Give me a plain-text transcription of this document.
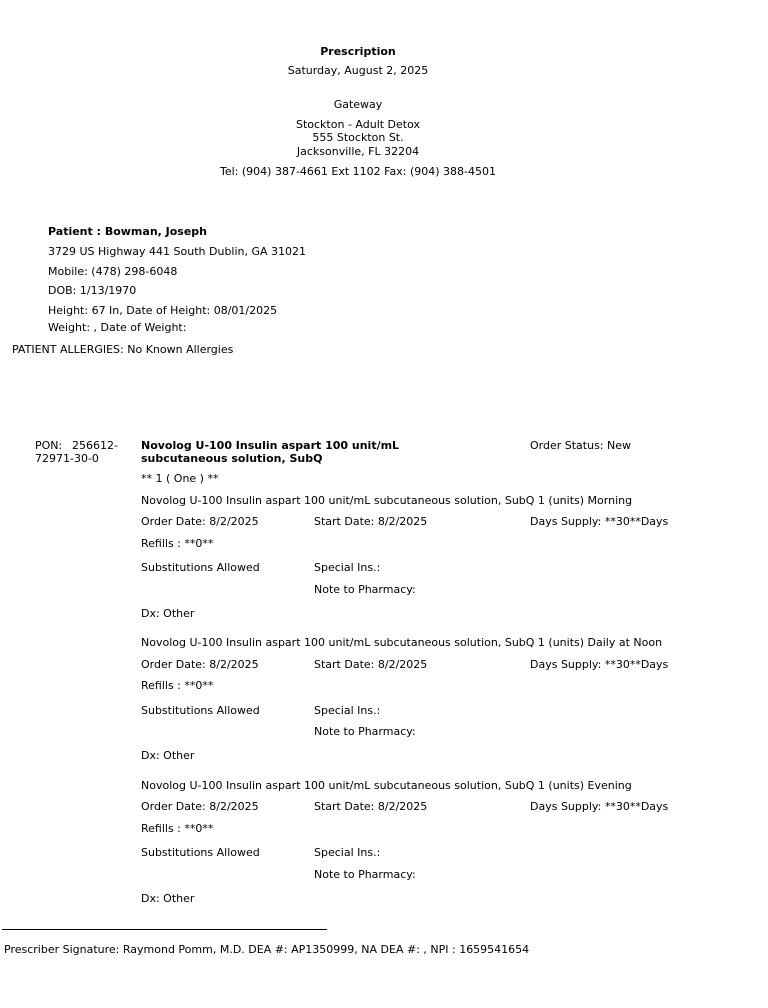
Prescription
Saturday, August 2, 2025
Gateway
Stockton - Adult Detox
555 Stockton St.
Jacksonville, FL 32204
Tel: (904) 387-4661 Ext 1102 Fax: (904) 388-4501
Patient : Bowman, Joseph
3729 US Highway 441 South Dublin, GA 31021
Mobile: (478) 298-6048
DOB: 1/13/1970
Height: 67 In, Date of Height: 08/01/2025
Weight: , Date of Weight:
PATIENT ALLERGIES: No Known Allergies
PON: 256612-
72971-30-0
Novolog U-100 Insulin aspart 100 unit/mL
subcutaneous solution, SubQ
Order Status: New
** 1 ( One ) **
Novolog U-100 Insulin aspart 100 unit/mL subcutaneous solution, SubQ 1 (units) Morning
Order Date: 8/2/2025	Start Date: 8/2/2025	Days Supply: **30**Days
Refills : **0**
Substitutions Allowed	Special Ins.:
Note to Pharmacy:
Dx: Other
Novolog U-100 Insulin aspart 100 unit/mL subcutaneous solution, SubQ 1 (units) Daily at Noon
Order Date: 8/2/2025	Start Date: 8/2/2025	Days Supply: **30**Days
Refills : **0**
Substitutions Allowed	Special Ins.:
Note to Pharmacy:
Dx: Other
Novolog U-100 Insulin aspart 100 unit/mL subcutaneous solution, SubQ 1 (units) Evening
Order Date: 8/2/2025	Start Date: 8/2/2025	Days Supply: **30**Days
Refills : **0**
Substitutions Allowed	Special Ins.:
Note to Pharmacy:
Dx: Other
Prescriber Signature: Raymond Pomm, M.D. DEA #: AP1350999, NA DEA #: , NPI : 1659541654
